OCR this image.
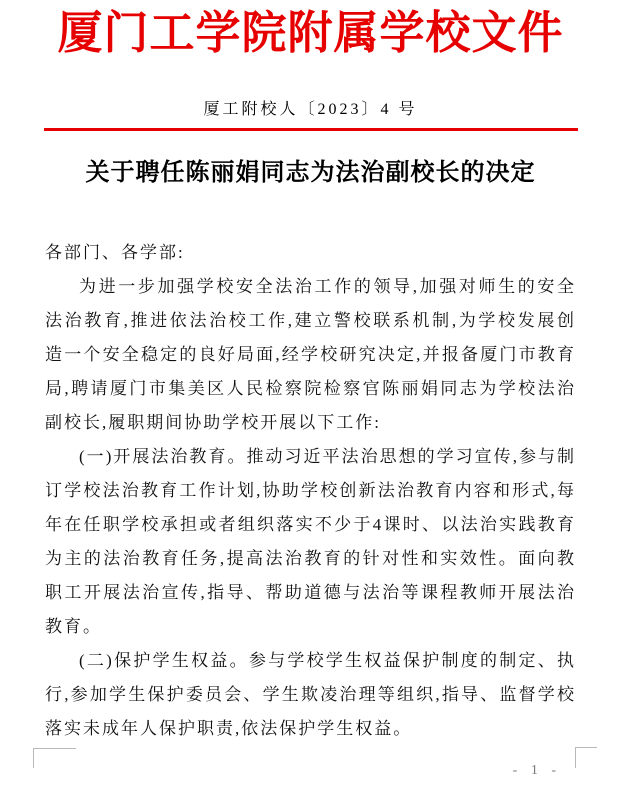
厦门工学院附属学校文件
厦工附校人〔2023〕4 号
关于聘任陈丽娟同志为法治副校长的决定

各部门、各学部:

为进一步加强学校安全法治工作的领导,加强对师生的安全法治教育,推进依法治校工作,建立警校联系机制,为学校发展创造一个安全稳定的良好局面,经学校研究决定,并报备厦门市教育局,聘请厦门市集美区人民检察院检察官陈丽娟同志为学校法治副校长,履职期间协助学校开展以下工作:

(一)开展法治教育。推动习近平法治思想的学习宣传,参与制订学校法治教育工作计划,协助学校创新法治教育内容和形式,每年在任职学校承担或者组织落实不少于4课时、以法治实践教育为主的法治教育任务,提高法治教育的针对性和实效性。面向教职工开展法治宣传,指导、帮助道德与法治等课程教师开展法治教育。

(二)保护学生权益。参与学校学生权益保护制度的制定、执行,参加学生保护委员会、学生欺凌治理等组织,指导、监督学校落实未成年人保护职责,依法保护学生权益。

- 1 -
